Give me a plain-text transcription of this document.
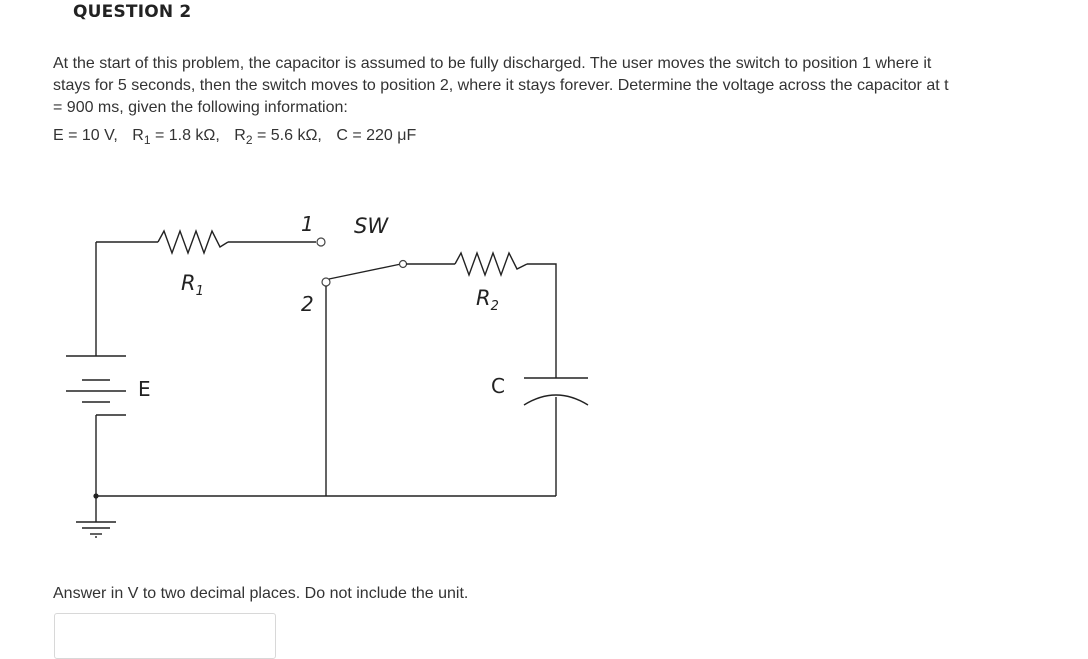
QUESTION 2

At the start of this problem, the capacitor is assumed to be fully discharged. The user moves the switch to position 1 where it
stays for 5 seconds, then the switch moves to position 2, where it stays forever. Determine the voltage across the capacitor at t
= 900 ms, given the following information:

E = 10 V, $R_1 = 1.8$ kΩ, $R_2 = 5.6$ kΩ, C = 220 μF
1 SW
2
$R_1$	$R_2$
E	C

Answer in V to two decimal places. Do not include the unit.
